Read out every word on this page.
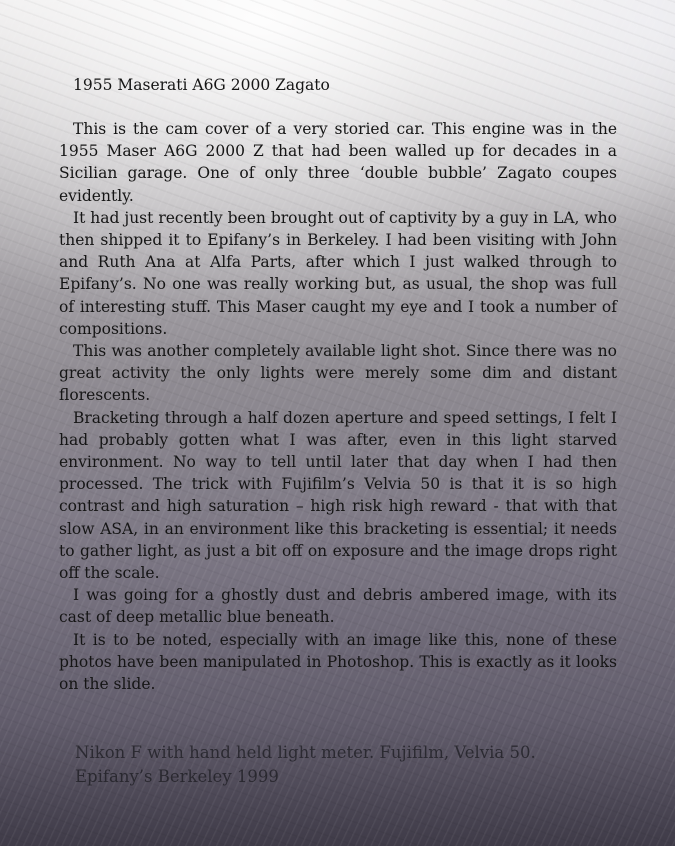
1955 Maserati A6G 2000 Zagato

This is the cam cover of a very storied car. This engine was in the 1955 Maser A6G 2000 Z that had been walled up for decades in a Sicilian garage. One of only three ‘double bubble’ Zagato coupes evidently.

It had just recently been brought out of captivity by a guy in LA, who then shipped it to Epifany’s in Berkeley. I had been visiting with John and Ruth Ana at Alfa Parts, after which I just walked through to Epifany’s. No one was really working but, as usual, the shop was full of interesting stuff. This Maser caught my eye and I took a number of compositions.

This was another completely available light shot. Since there was no great activity the only lights were merely some dim and distant florescents.

Bracketing through a half dozen aperture and speed settings, I felt I had probably gotten what I was after, even in this light starved environment. No way to tell until later that day when I had then processed. The trick with Fujifilm’s Velvia 50 is that it is so high contrast and high saturation – high risk high reward - that with that slow ASA, in an environment like this bracketing is essential; it needs to gather light, as just a bit off on exposure and the image drops right off the scale.

I was going for a ghostly dust and debris ambered image, with its cast of deep metallic blue beneath.

It is to be noted, especially with an image like this, none of these photos have been manipulated in Photoshop. This is exactly as it looks on the slide.

Nikon F with hand held light meter. Fujifilm, Velvia 50.
Epifany’s Berkeley 1999
